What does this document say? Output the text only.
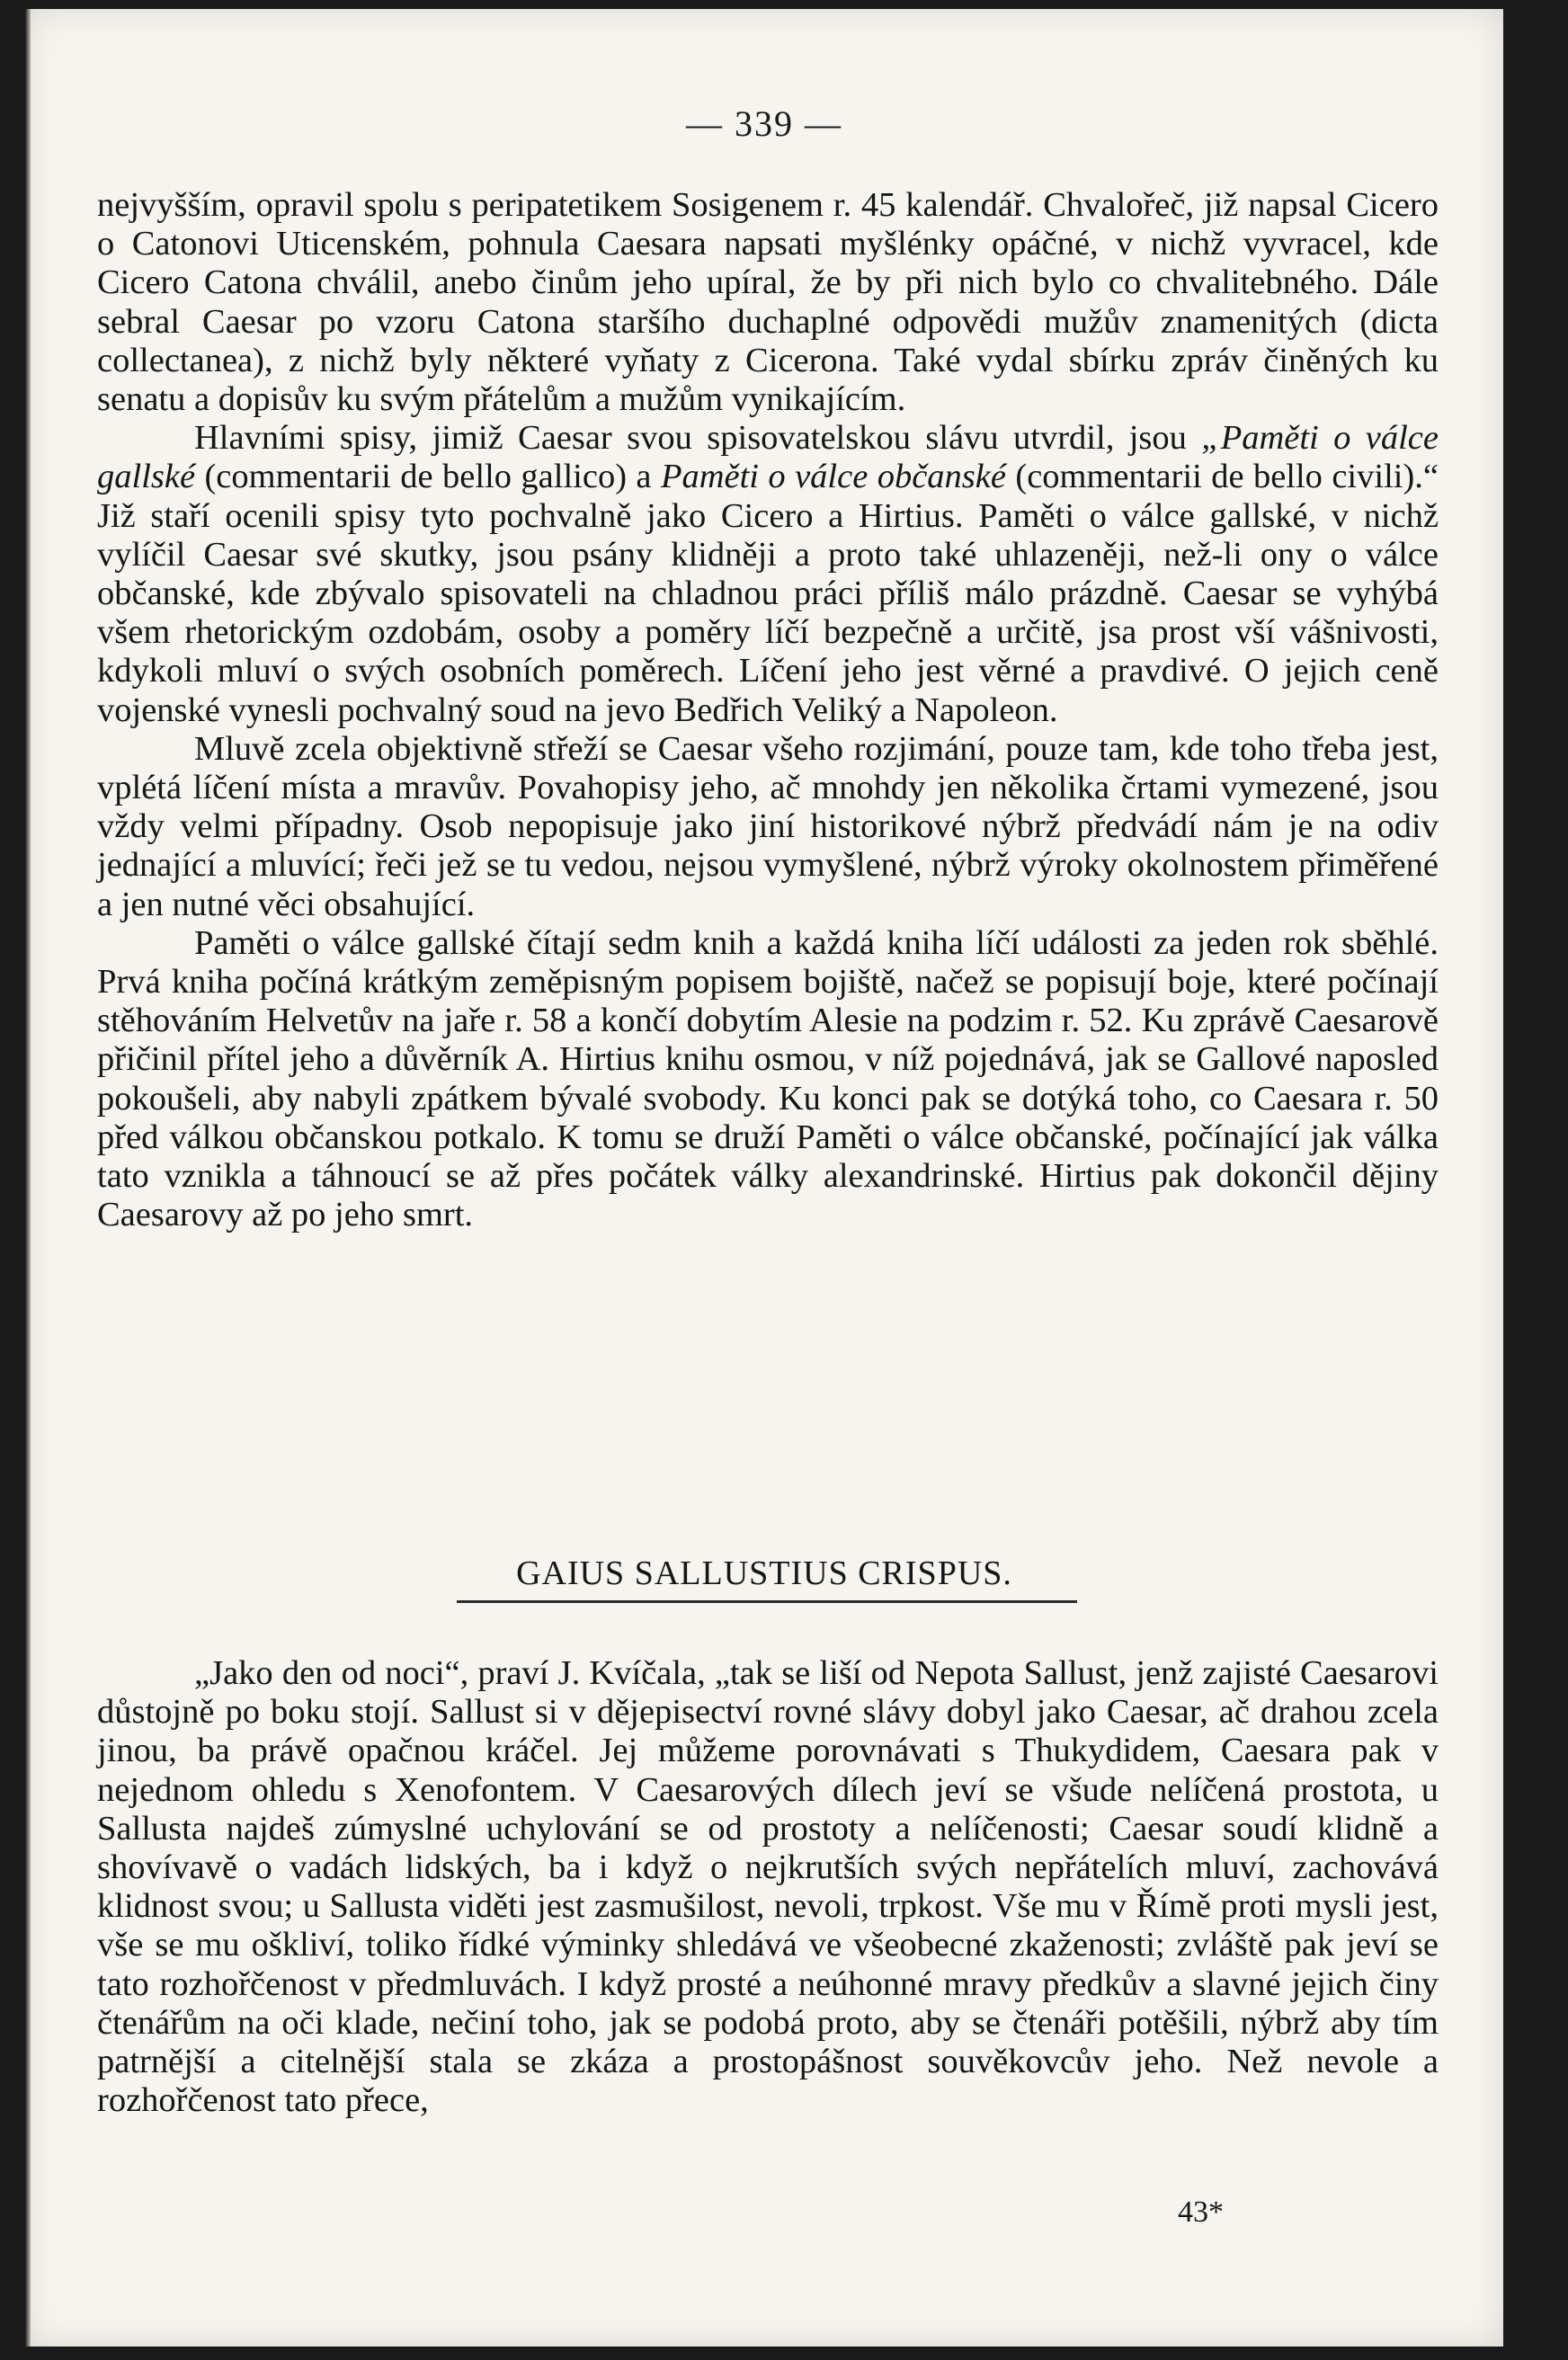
— 339 —

nejvyšším, opravil spolu s peripatetikem Sosigenem r. 45 kalendář. Chvalořeč, již napsal Cicero o Catonovi Uticenském, pohnula Caesara napsati myšlénky opáčné, v nichž vyvracel, kde Cicero Catona chválil, anebo činům jeho upíral, že by při nich bylo co chvalitebného. Dále sebral Caesar po vzoru Catona staršího duchaplné odpovědi mužův znamenitých (dicta collectanea), z nichž byly některé vyňaty z Cicerona. Také vydal sbírku zpráv činěných ku senatu a dopisův ku svým přátelům a mužům vynikajícím.

Hlavními spisy, jimiž Caesar svou spisovatelskou slávu utvrdil, jsou „Paměti o válce gallské (commentarii de bello gallico) a Paměti o válce občanské (commentarii de bello civili).“ Již staří ocenili spisy tyto pochvalně jako Cicero a Hirtius. Paměti o válce gallské, v nichž vylíčil Caesar své skutky, jsou psány klidněji a proto také uhlazeněji, než-li ony o válce občanské, kde zbývalo spisovateli na chladnou práci příliš málo prázdně. Caesar se vyhýbá všem rhetorickým ozdobám, osoby a poměry líčí bezpečně a určitě, jsa prost vší vášnivosti, kdykoli mluví o svých osobních poměrech. Líčení jeho jest věrné a pravdivé. O jejich ceně vojenské vynesli pochvalný soud na jevo Bedřich Veliký a Napoleon.

Mluvě zcela objektivně střeží se Caesar všeho rozjimání, pouze tam, kde toho třeba jest, vplétá líčení místa a mravův. Povahopisy jeho, ač mnohdy jen několika črtami vymezené, jsou vždy velmi případny. Osob nepopisuje jako jiní historikové nýbrž předvádí nám je na odiv jednající a mluvící; řeči jež se tu vedou, nejsou vymyšlené, nýbrž výroky okolnostem přiměřené a jen nutné věci obsahující.

Paměti o válce gallské čítají sedm knih a každá kniha líčí události za jeden rok sběhlé. Prvá kniha počíná krátkým zeměpisným popisem bojiště, načež se popisují boje, které počínají stěhováním Helvetův na jaře r. 58 a končí dobytím Alesie na podzim r. 52. Ku zprávě Caesarově přičinil přítel jeho a důvěrník A. Hirtius knihu osmou, v níž pojednává, jak se Gallové naposled pokoušeli, aby nabyli zpátkem bývalé svobody. Ku konci pak se dotýká toho, co Caesara r. 50 před válkou občanskou potkalo. K tomu se druží Paměti o válce občanské, počínající jak válka tato vznikla a táhnoucí se až přes počátek války alexandrinské. Hirtius pak dokončil dějiny Caesarovy až po jeho smrt.

GAIUS SALLUSTIUS CRISPUS.

„Jako den od noci“, praví J. Kvíčala, „tak se liší od Nepota Sallust, jenž zajisté Caesarovi důstojně po boku stojí. Sallust si v dějepisectví rovné slávy dobyl jako Caesar, ač drahou zcela jinou, ba právě opačnou kráčel. Jej můžeme porovnávati s Thukydidem, Caesara pak v nejednom ohledu s Xenofontem. V Caesarových dílech jeví se všude nelíčená prostota, u Sallusta najdeš zúmyslné uchylování se od prostoty a nelíčenosti; Caesar soudí klidně a shovívavě o vadách lidských, ba i když o nejkrutších svých nepřátelích mluví, zachovává klidnost svou; u Sallusta viděti jest zasmušilost, nevoli, trpkost. Vše mu v Římě proti mysli jest, vše se mu oškliví, toliko řídké výminky shledává ve všeobecné zkaženosti; zvláště pak jeví se tato rozhořčenost v předmluvách. I když prosté a neúhonné mravy předkův a slavné jejich činy čtenářům na oči klade, nečiní toho, jak se podobá proto, aby se čtenáři potěšili, nýbrž aby tím patrnější a citelnější stala se zkáza a prostopášnost souvěkovcův jeho. Než nevole a rozhořčenost tato přece,

43*
